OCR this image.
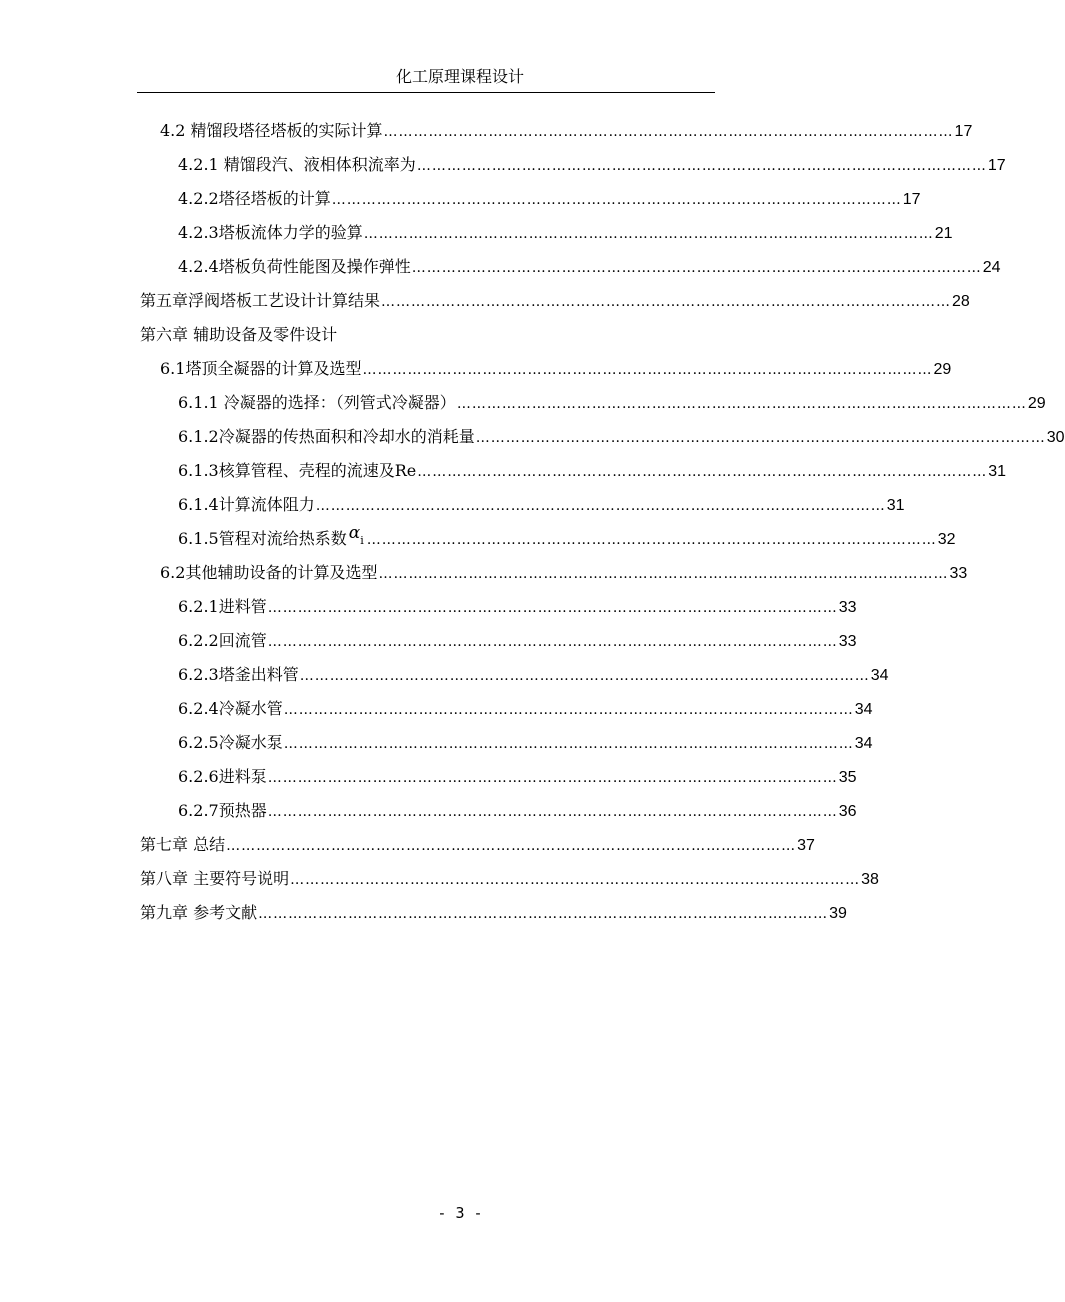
化工原理课程设计
4.2 精馏段塔径塔板的实际计算 …………………………………………………………………………………………………… 17
4.2.1 精馏段汽、液相体积流率为 …………………………………………………………………………………………………… 17
4.2.2塔径塔板的计算 …………………………………………………………………………………………………… 17
4.2.3塔板流体力学的验算 …………………………………………………………………………………………………… 21
4.2.4塔板负荷性能图及操作弹性 …………………………………………………………………………………………………… 24
第五章浮阀塔板工艺设计计算结果 …………………………………………………………………………………………………… 28
第六章 辅助设备及零件设计
6.1塔顶全凝器的计算及选型 …………………………………………………………………………………………………… 29
6.1.1 冷凝器的选择：（列管式冷凝器） …………………………………………………………………………………………………… 29
6.1.2冷凝器的传热面积和冷却水的消耗量 …………………………………………………………………………………………………… 30
6.1.3核算管程、壳程的流速及Re …………………………………………………………………………………………………… 31
6.1.4计算流体阻力 …………………………………………………………………………………………………… 31
6.1.5管程对流给热系数 α i …………………………………………………………………………………………………… 32
6.2其他辅助设备的计算及选型 …………………………………………………………………………………………………… 33
6.2.1进料管 …………………………………………………………………………………………………… 33
6.2.2回流管 …………………………………………………………………………………………………… 33
6.2.3塔釜出料管 …………………………………………………………………………………………………… 34
6.2.4冷凝水管 …………………………………………………………………………………………………… 34
6.2.5冷凝水泵 …………………………………………………………………………………………………… 34
6.2.6进料泵 …………………………………………………………………………………………………… 35
6.2.7预热器 …………………………………………………………………………………………………… 36
第七章 总结 …………………………………………………………………………………………………… 37
第八章 主要符号说明 …………………………………………………………………………………………………… 38
第九章 参考文献 …………………………………………………………………………………………………… 39
- 3 -
